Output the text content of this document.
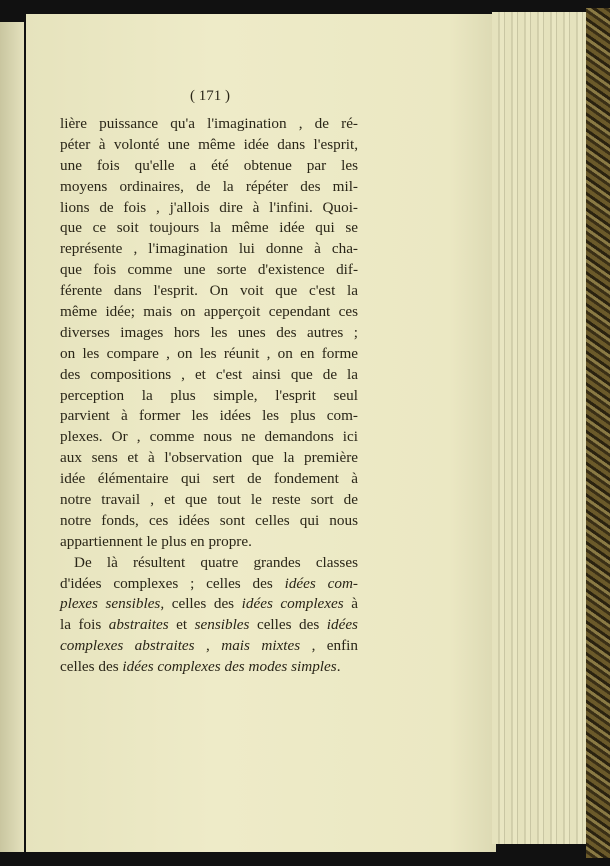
( 171 )
lière puissance qu'a l'imagination , de ré-
péter à volonté une même idée dans l'esprit,
une fois qu'elle a été obtenue par les
moyens ordinaires, de la répéter des mil-
lions de fois , j'allois dire à l'infini. Quoi-
que ce soit toujours la même idée qui se
représente , l'imagination lui donne à cha-
que fois comme une sorte d'existence dif-
férente dans l'esprit. On voit que c'est la
même idée; mais on apperçoit cependant ces
diverses images hors les unes des autres ;
on les compare , on les réunit , on en forme
des compositions , et c'est ainsi que de la
perception la plus simple, l'esprit seul
parvient à former les idées les plus com-
plexes. Or , comme nous ne demandons ici
aux sens et à l'observation que la première
idée élémentaire qui sert de fondement à
notre travail , et que tout le reste sort de
notre fonds, ces idées sont celles qui nous
appartiennent le plus en propre.
De là résultent quatre grandes classes
d'idées complexes ; celles des idées com-
plexes sensibles, celles des idées complexes à
la fois abstraites et sensibles celles des idées
complexes abstraites , mais mixtes , enfin
celles des idées complexes des modes simples.
